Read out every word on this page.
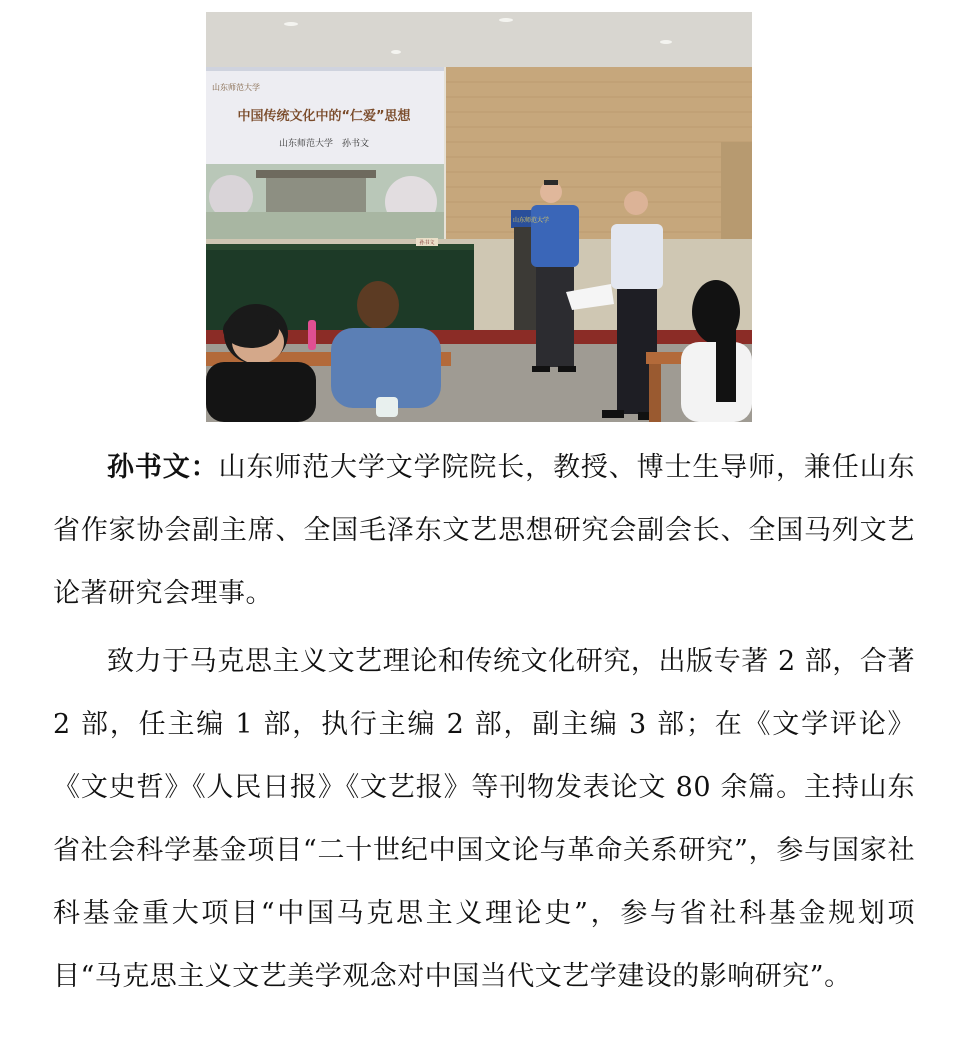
山东师范大学
中国传统文化中的“仁爱”思想
山东师范大学　孙书文
山东师范大学
孙书文

孙书文：山东师范大学文学院院长，教授、博士生导师，兼任山东省作家协会副主席、全国毛泽东文艺思想研究会副会长、全国马列文艺论著研究会理事。

致力于马克思主义文艺理论和传统文化研究，出版专著 2 部，合著 2 部，任主编 1 部，执行主编 2 部，副主编 3 部；在《文学评论》《文史哲》《人民日报》《文艺报》等刊物发表论文 80 余篇。主持山东省社会科学基金项目“二十世纪中国文论与革命关系研究”，参与国家社科基金重大项目“中国马克思主义理论史”，参与省社科基金规划项目“马克思主义文艺美学观念对中国当代文艺学建设的影响研究”。
